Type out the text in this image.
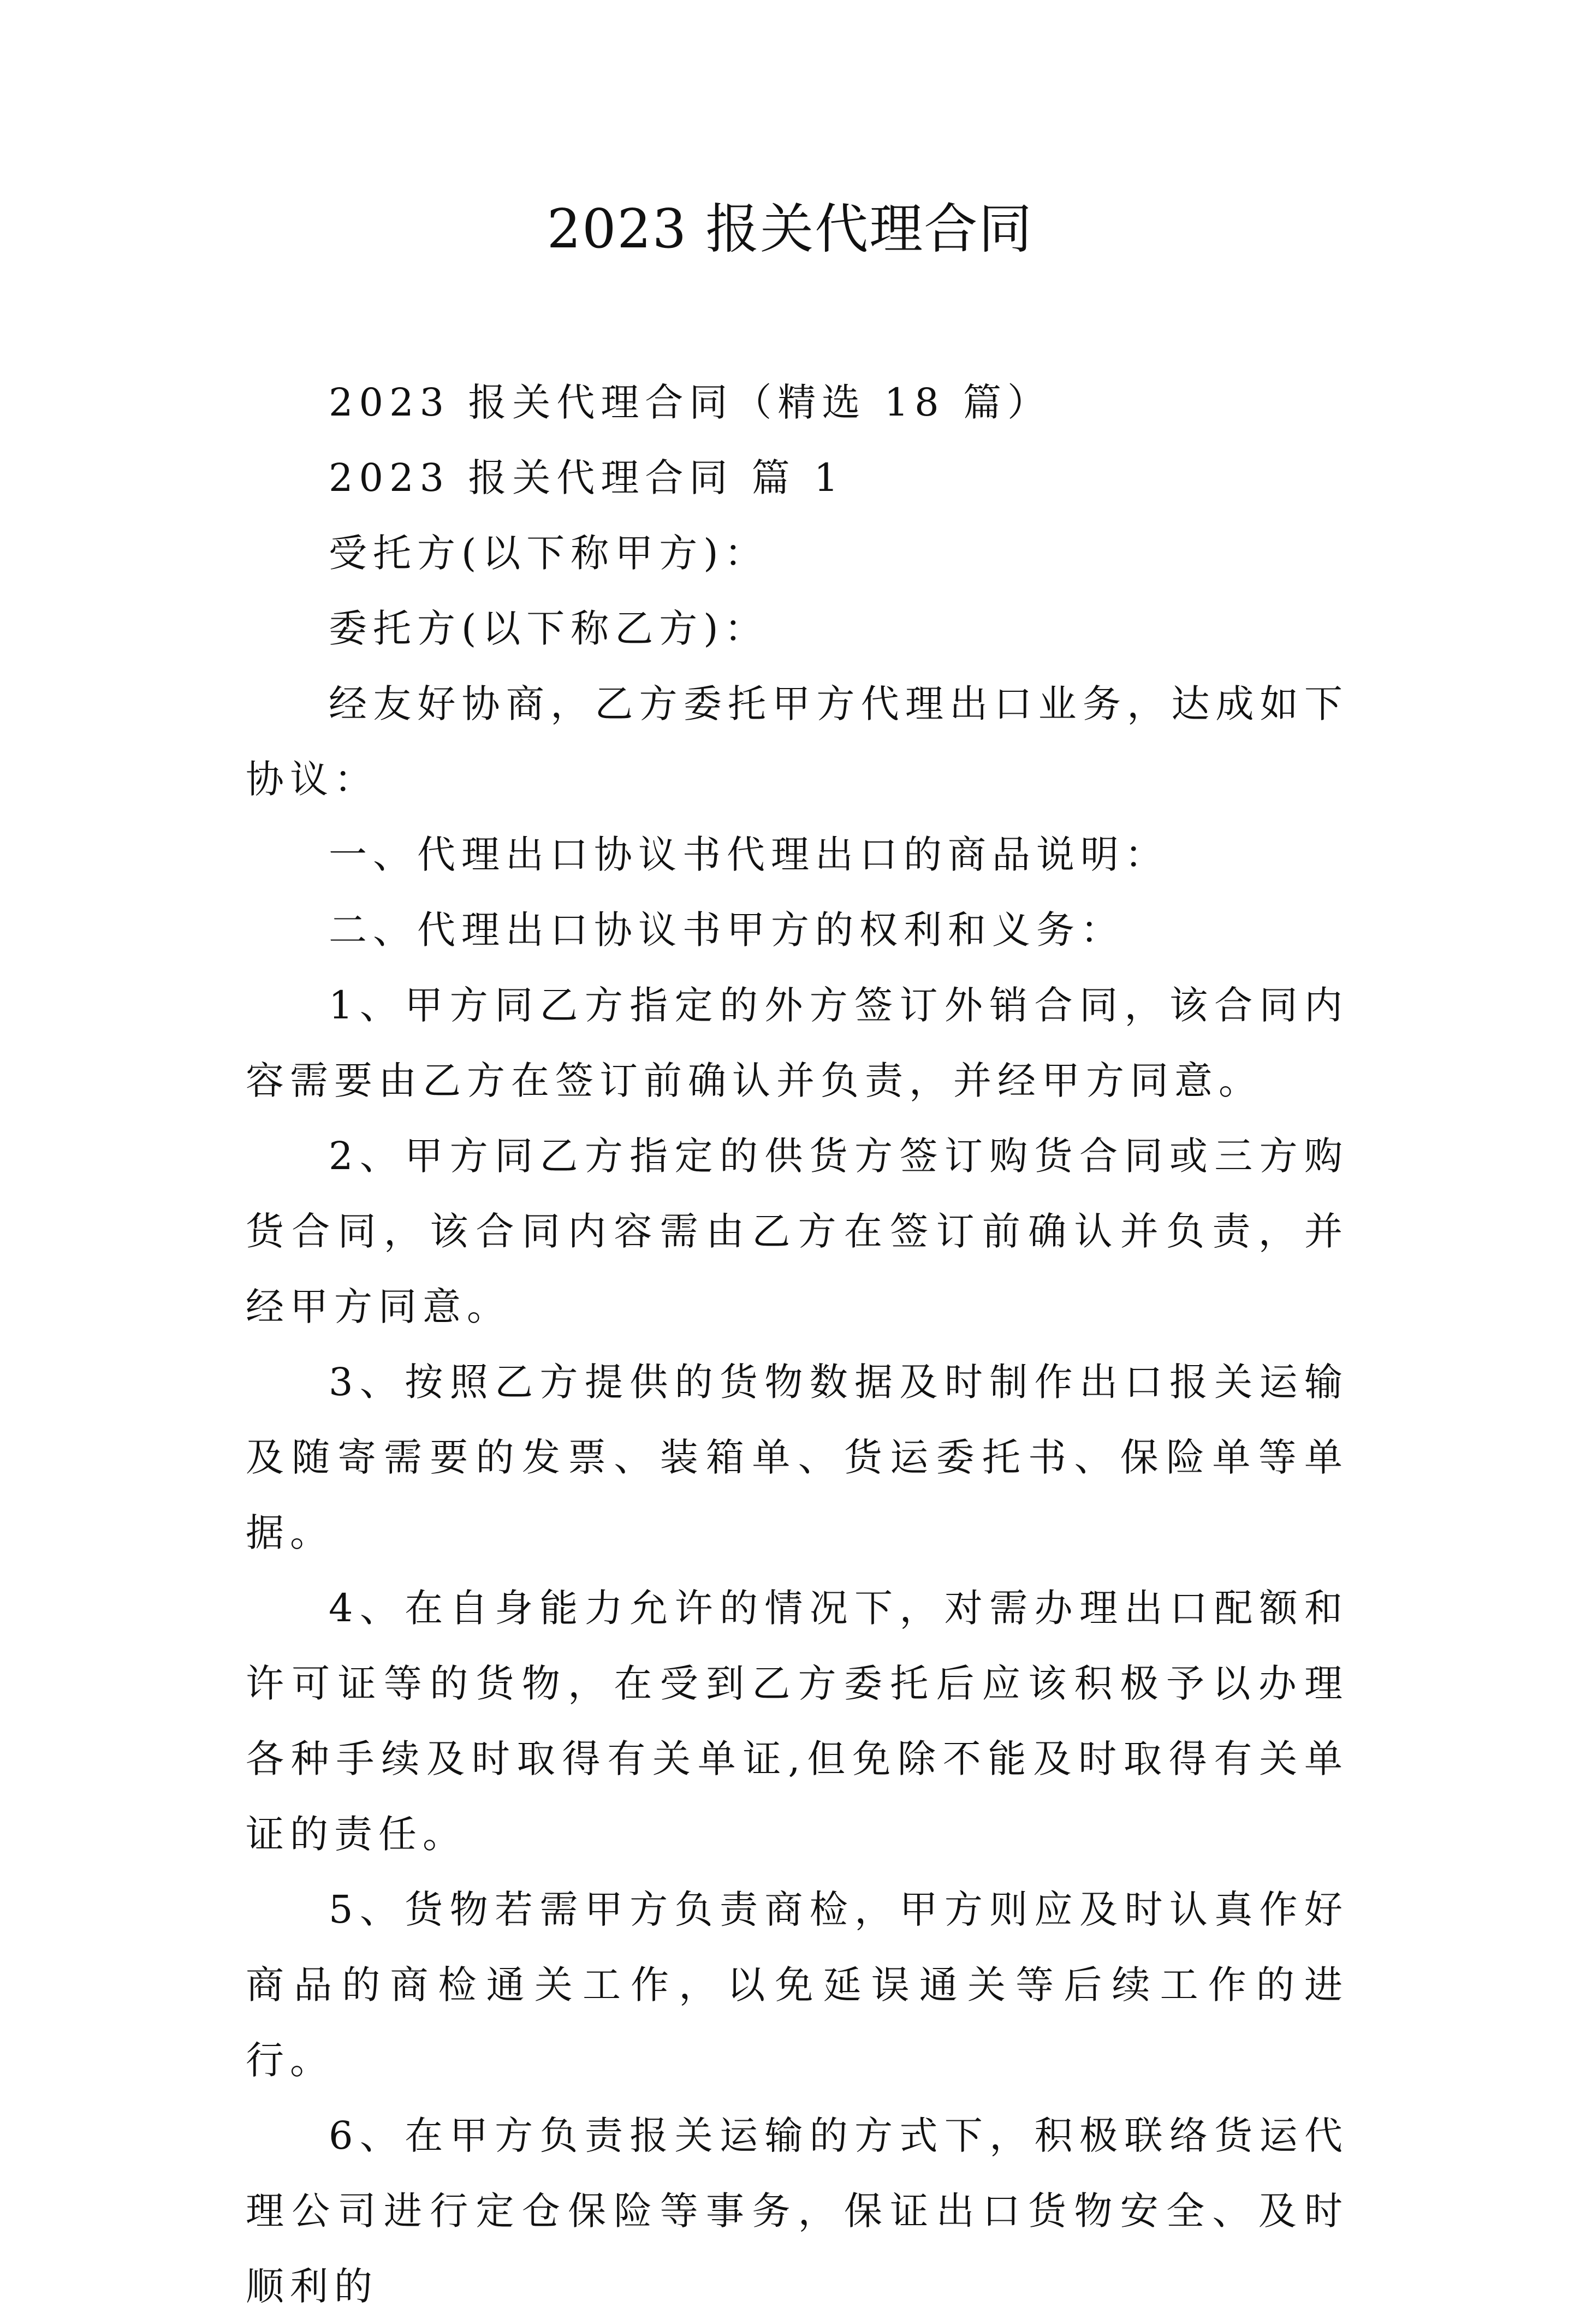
2023 报关代理合同

2023 报关代理合同（精选 18 篇）

2023 报关代理合同 篇 1

受托方(以下称甲方)：

委托方(以下称乙方)：

经友好协商，乙方委托甲方代理出口业务，达成如下协议：

一、代理出口协议书代理出口的商品说明：

二、代理出口协议书甲方的权利和义务：

1、甲方同乙方指定的外方签订外销合同，该合同内容需要由乙方在签订前确认并负责，并经甲方同意。

2、甲方同乙方指定的供货方签订购货合同或三方购货合同，该合同内容需由乙方在签订前确认并负责，并经甲方同意。

3、按照乙方提供的货物数据及时制作出口报关运输及随寄需要的发票、装箱单、货运委托书、保险单等单据。

4、在自身能力允许的情况下，对需办理出口配额和许可证等的货物，在受到乙方委托后应该积极予以办理各种手续及时取得有关单证,但免除不能及时取得有关单证的责任。

5、货物若需甲方负责商检，甲方则应及时认真作好商品的商检通关工作，以免延误通关等后续工作的进行。

6、在甲方负责报关运输的方式下，积极联络货运代理公司进行定仓保险等事务，保证出口货物安全、及时顺利的
